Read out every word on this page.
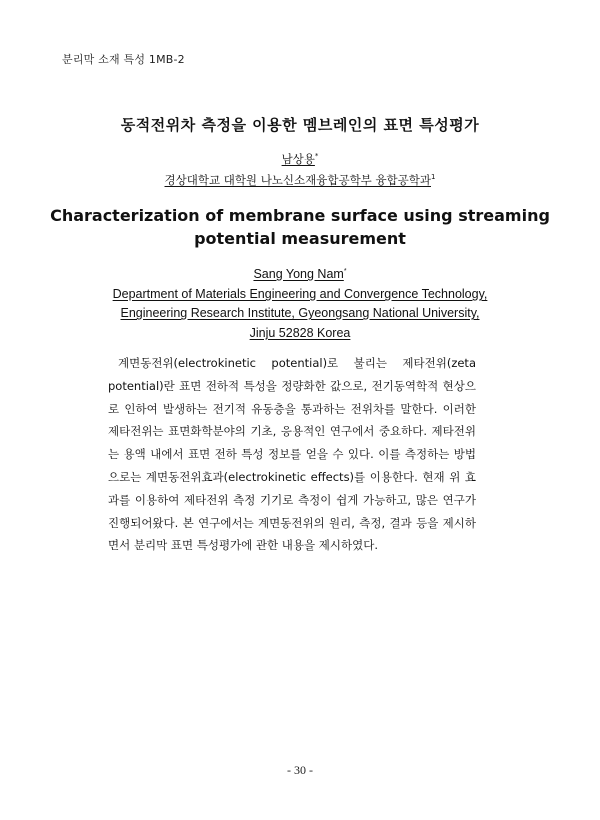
분리막 소재 특성 1MB-2
동적전위차 측정을 이용한 멤브레인의 표면 특성평가
남상용*
경상대학교 대학원 나노신소재융합공학부 융합공학과$^1$
Characterization of membrane surface using streaming
potential measurement
Sang Yong Nam*
Department of Materials Engineering and Convergence Technology,
Engineering Research Institute, Gyeongsang National University,
Jinju 52828 Korea

계면동전위(electrokinetic potential)로 불리는 제타전위(zeta potential)란 표면 전하적 특성을 정량화한 값으로, 전기동역학적 현상으로 인하여 발생하는 전기적 유동층을 통과하는 전위차를 말한다. 이러한 제타전위는 표면화학분야의 기초, 응용적인 연구에서 중요하다. 제타전위는 용액 내에서 표면 전하 특성 정보를 얻을 수 있다. 이를 측정하는 방법으로는 계면동전위효과(electrokinetic effects)를 이용한다. 현재 위 효과를 이용하여 제타전위 측정 기기로 측정이 쉽게 가능하고, 많은 연구가 진행되어왔다. 본 연구에서는 계면동전위의 원리, 측정, 결과 등을 제시하면서 분리막 표면 특성평가에 관한 내용을 제시하였다.

- 30 -
